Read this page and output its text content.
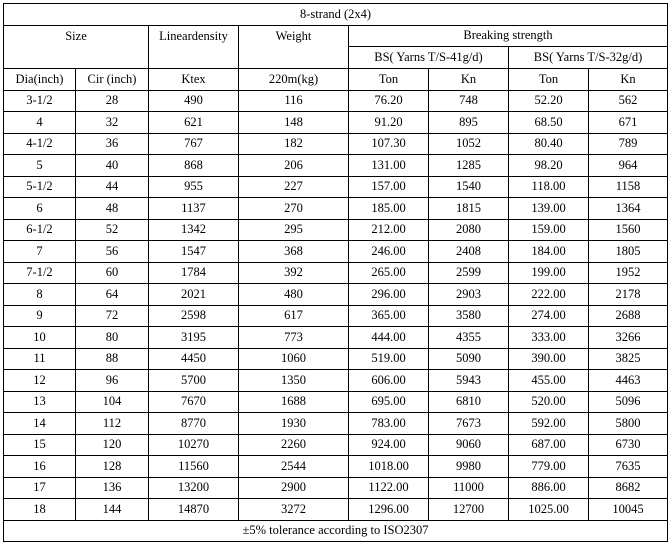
8-strand (2x4)							
Size		Lineardensity	Weight	Breaking strength			
				BS( Yarns T/S-41g/d)		BS( Yarns T/S-32g/d)	
Dia(inch)	Cir (inch)	Ktex	220m(kg)	Ton	Kn	Ton	Kn
3-1/2	28	490	116	76.20	748	52.20	562
4	32	621	148	91.20	895	68.50	671
4-1/2	36	767	182	107.30	1052	80.40	789
5	40	868	206	131.00	1285	98.20	964
5-1/2	44	955	227	157.00	1540	118.00	1158
6	48	1137	270	185.00	1815	139.00	1364
6-1/2	52	1342	295	212.00	2080	159.00	1560
7	56	1547	368	246.00	2408	184.00	1805
7-1/2	60	1784	392	265.00	2599	199.00	1952
8	64	2021	480	296.00	2903	222.00	2178
9	72	2598	617	365.00	3580	274.00	2688
10	80	3195	773	444.00	4355	333.00	3266
11	88	4450	1060	519.00	5090	390.00	3825
12	96	5700	1350	606.00	5943	455.00	4463
13	104	7670	1688	695.00	6810	520.00	5096
14	112	8770	1930	783.00	7673	592.00	5800
15	120	10270	2260	924.00	9060	687.00	6730
16	128	11560	2544	1018.00	9980	779.00	7635
17	136	13200	2900	1122.00	11000	886.00	8682
18	144	14870	3272	1296.00	12700	1025.00	10045
±5% tolerance according to ISO2307							
